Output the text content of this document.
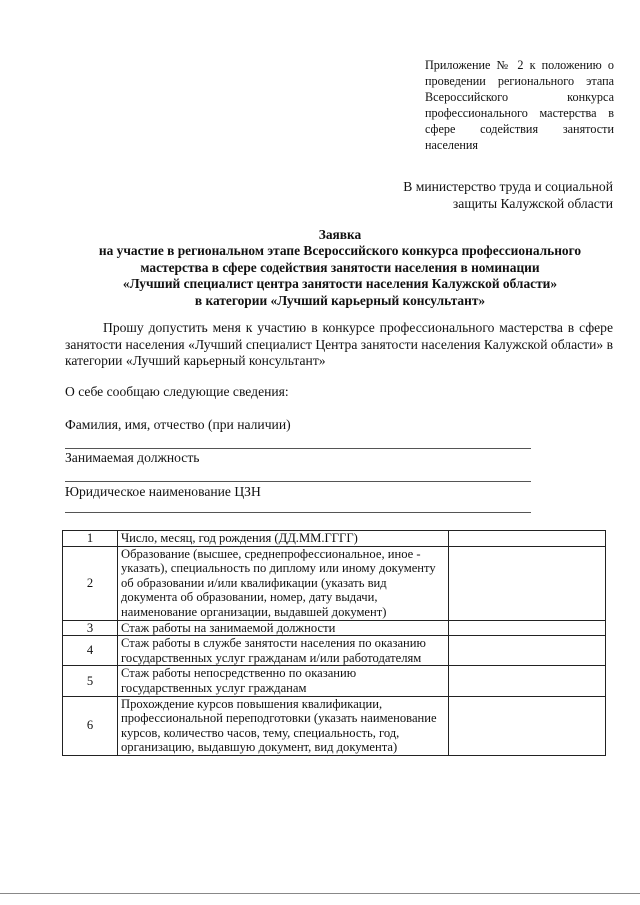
Приложение № 2 к положению о проведении регионального этапа Всероссийского конкурса профессионального мастерства в сфере содействия занятости населения
В министерство труда и социальной
защиты Калужской области
Заявка
на участие в региональном этапе Всероссийского конкурса профессионального
мастерства в сфере содействия занятости населения в номинации
«Лучший специалист центра занятости населения Калужской области»
в категории «Лучший карьерный консультант»
Прошу допустить меня к участию в конкурсе профессионального мастерства в сфере занятости населения «Лучший специалист Центра занятости населения Калужской области» в категории «Лучший карьерный консультант»
О себе сообщаю следующие сведения:
Фамилия, имя, отчество (при наличии)
Занимаемая должность
Юридическое наименование ЦЗН
1	Число, месяц, год рождения (ДД.ММ.ГГГГ)	
2	Образование (высшее, среднепрофессиональное, иное - указать), специальность по диплому или иному документу об образовании и/или квалификации (указать вид документа об образовании, номер, дату выдачи, наименование организации, выдавшей документ)	
3	Стаж работы на занимаемой должности	
4	Стаж работы в службе занятости населения по оказанию государственных услуг гражданам и/или работодателям	
5	Стаж работы непосредственно по оказанию государственных услуг гражданам	
6	Прохождение курсов повышения квалификации, профессиональной переподготовки (указать наименование курсов, количество часов, тему, специальность, год, организацию, выдавшую документ, вид документа)	
